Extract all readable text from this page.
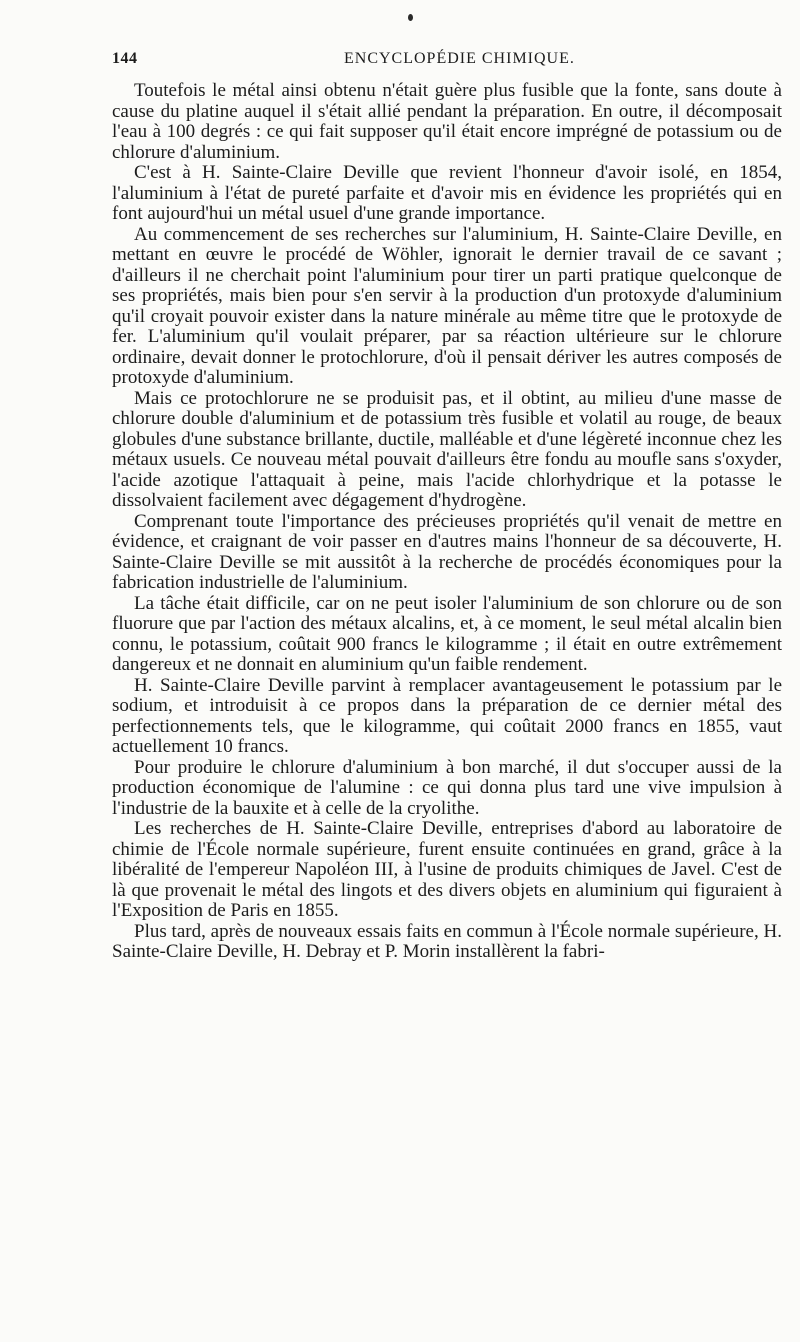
144	ENCYCLOPÉDIE CHIMIQUE.

Toutefois le métal ainsi obtenu n'était guère plus fusible que la fonte, sans doute à cause du platine auquel il s'était allié pendant la préparation. En outre, il décomposait l'eau à 100 degrés : ce qui fait supposer qu'il était encore imprégné de potassium ou de chlorure d'aluminium.

C'est à H. Sainte-Claire Deville que revient l'honneur d'avoir isolé, en 1854, l'aluminium à l'état de pureté parfaite et d'avoir mis en évidence les propriétés qui en font aujourd'hui un métal usuel d'une grande importance.

Au commencement de ses recherches sur l'aluminium, H. Sainte-Claire Deville, en mettant en œuvre le procédé de Wöhler, ignorait le dernier travail de ce savant ; d'ailleurs il ne cherchait point l'aluminium pour tirer un parti pratique quelconque de ses propriétés, mais bien pour s'en servir à la production d'un protoxyde d'aluminium qu'il croyait pouvoir exister dans la nature minérale au même titre que le protoxyde de fer. L'aluminium qu'il voulait préparer, par sa réaction ultérieure sur le chlorure ordinaire, devait donner le protochlorure, d'où il pensait dériver les autres composés de protoxyde d'aluminium.

Mais ce protochlorure ne se produisit pas, et il obtint, au milieu d'une masse de chlorure double d'aluminium et de potassium très fusible et volatil au rouge, de beaux globules d'une substance brillante, ductile, malléable et d'une légèreté inconnue chez les métaux usuels. Ce nouveau métal pouvait d'ailleurs être fondu au moufle sans s'oxyder, l'acide azotique l'attaquait à peine, mais l'acide chlorhydrique et la potasse le dissolvaient facilement avec dégagement d'hydrogène.

Comprenant toute l'importance des précieuses propriétés qu'il venait de mettre en évidence, et craignant de voir passer en d'autres mains l'honneur de sa découverte, H. Sainte-Claire Deville se mit aussitôt à la recherche de procédés économiques pour la fabrication industrielle de l'aluminium.

La tâche était difficile, car on ne peut isoler l'aluminium de son chlorure ou de son fluorure que par l'action des métaux alcalins, et, à ce moment, le seul métal alcalin bien connu, le potassium, coûtait 900 francs le kilogramme ; il était en outre extrêmement dangereux et ne donnait en aluminium qu'un faible rendement.

H. Sainte-Claire Deville parvint à remplacer avantageusement le potassium par le sodium, et introduisit à ce propos dans la préparation de ce dernier métal des perfectionnements tels, que le kilogramme, qui coûtait 2000 francs en 1855, vaut actuellement 10 francs.

Pour produire le chlorure d'aluminium à bon marché, il dut s'occuper aussi de la production économique de l'alumine : ce qui donna plus tard une vive impulsion à l'industrie de la bauxite et à celle de la cryolithe.

Les recherches de H. Sainte-Claire Deville, entreprises d'abord au laboratoire de chimie de l'École normale supérieure, furent ensuite continuées en grand, grâce à la libéralité de l'empereur Napoléon III, à l'usine de produits chimiques de Javel. C'est de là que provenait le métal des lingots et des divers objets en aluminium qui figuraient à l'Exposition de Paris en 1855.

Plus tard, après de nouveaux essais faits en commun à l'École normale supérieure, H. Sainte-Claire Deville, H. Debray et P. Morin installèrent la fabri-
